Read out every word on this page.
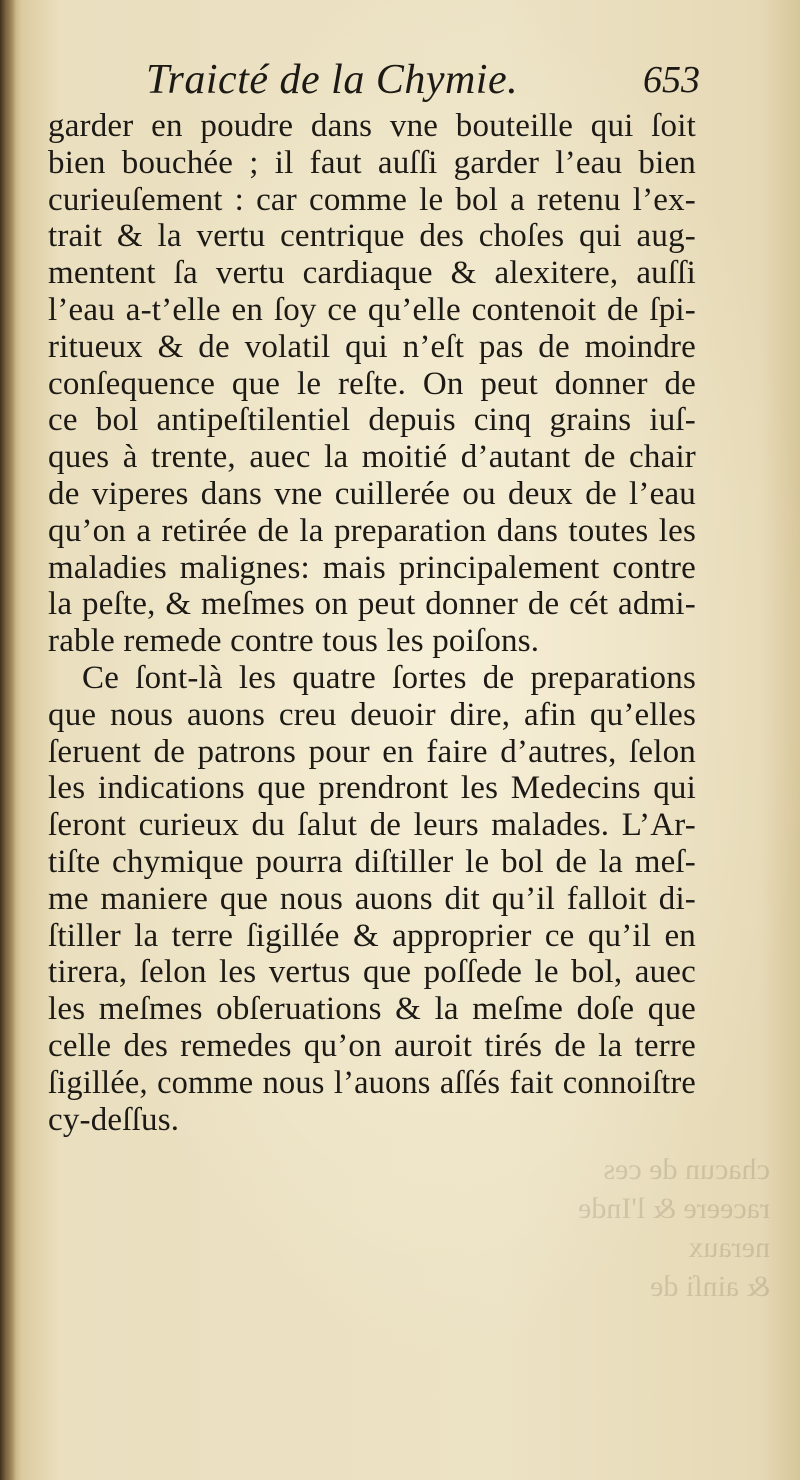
chacun de ces
raceere & l'Inde
neraux
& ainſi de
Traicté de la Chymie.	653
garder en poudre dans vne bouteille qui ſoit
bien bouchée ; il faut auſſi garder l’eau bien
curieuſement : car comme le bol a retenu l’ex-
trait & la vertu centrique des choſes qui aug-
mentent ſa vertu cardiaque & alexitere, auſſi
l’eau a-t’elle en ſoy ce qu’elle contenoit de ſpi-
ritueux & de volatil qui n’eſt pas de moindre
conſequence que le reſte. On peut donner de
ce bol antipeſtilentiel depuis cinq grains iuſ-
ques à trente, auec la moitié d’autant de chair
de viperes dans vne cuillerée ou deux de l’eau
qu’on a retirée de la preparation dans toutes les
maladies malignes: mais principalement contre
la peſte, & meſmes on peut donner de cét admi-
rable remede contre tous les poiſons.
Ce ſont-là les quatre ſortes de preparations
que nous auons creu deuoir dire, afin qu’elles
ſeruent de patrons pour en faire d’autres, ſelon
les indications que prendront les Medecins qui
ſeront curieux du ſalut de leurs malades. L’Ar-
tiſte chymique pourra diſtiller le bol de la meſ-
me maniere que nous auons dit qu’il falloit di-
ſtiller la terre ſigillée & approprier ce qu’il en
tirera, ſelon les vertus que poſſede le bol, auec
les meſmes obſeruations & la meſme doſe que
celle des remedes qu’on auroit tirés de la terre
ſigillée, comme nous l’auons aſſés fait connoiſtre
cy-deſſus.
